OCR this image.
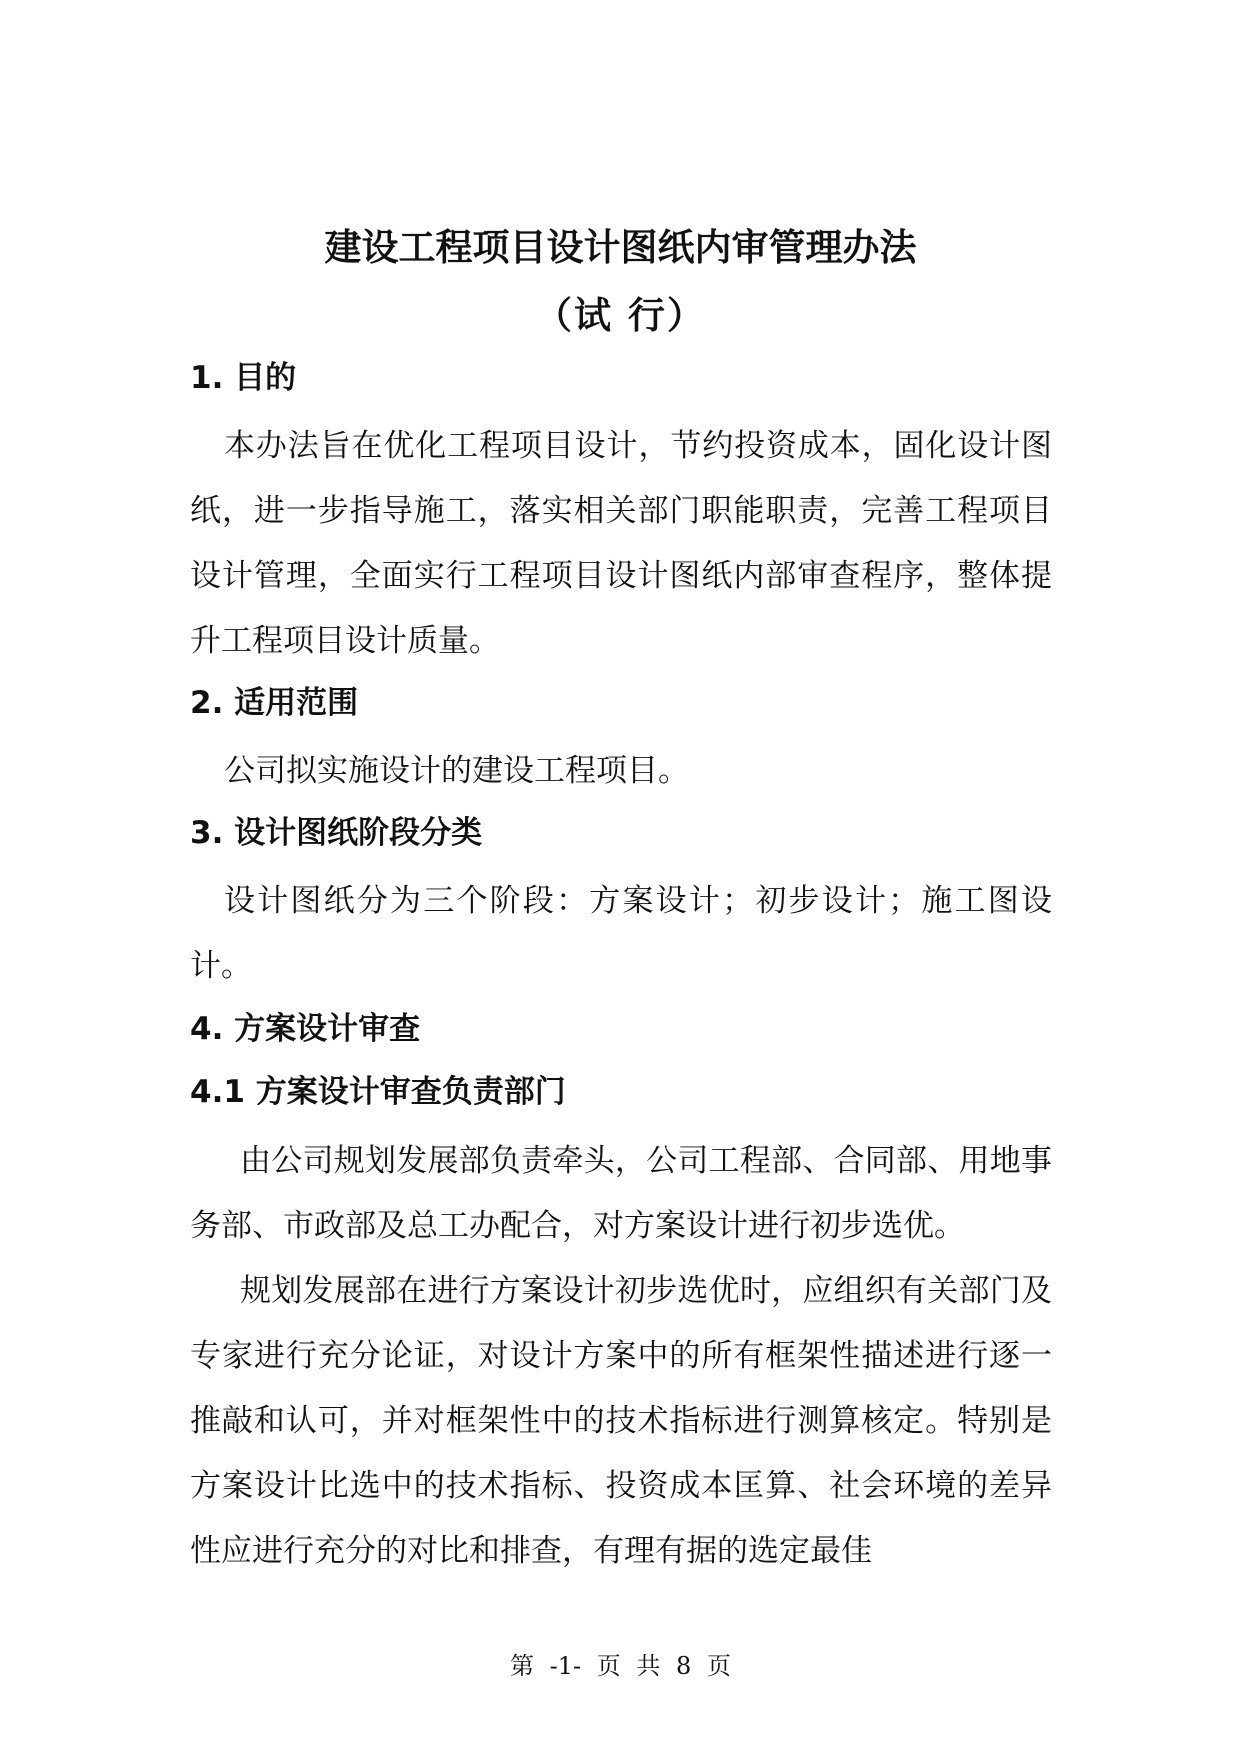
建设工程项目设计图纸内审管理办法
（试 行）
1. 目的

本办法旨在优化工程项目设计，节约投资成本，固化设计图纸，进一步指导施工，落实相关部门职能职责，完善工程项目设计管理，全面实行工程项目设计图纸内部审查程序，整体提升工程项目设计质量。

2. 适用范围

公司拟实施设计的建设工程项目。

3. 设计图纸阶段分类

设计图纸分为三个阶段：方案设计；初步设计；施工图设计。

4. 方案设计审查
4.1 方案设计审查负责部门

由公司规划发展部负责牵头，公司工程部、合同部、用地事务部、市政部及总工办配合，对方案设计进行初步选优。

规划发展部在进行方案设计初步选优时，应组织有关部门及专家进行充分论证，对设计方案中的所有框架性描述进行逐一推敲和认可，并对框架性中的技术指标进行测算核定。特别是方案设计比选中的技术指标、投资成本匡算、社会环境的差异性应进行充分的对比和排查，有理有据的选定最佳

第 -1- 页 共 8 页
